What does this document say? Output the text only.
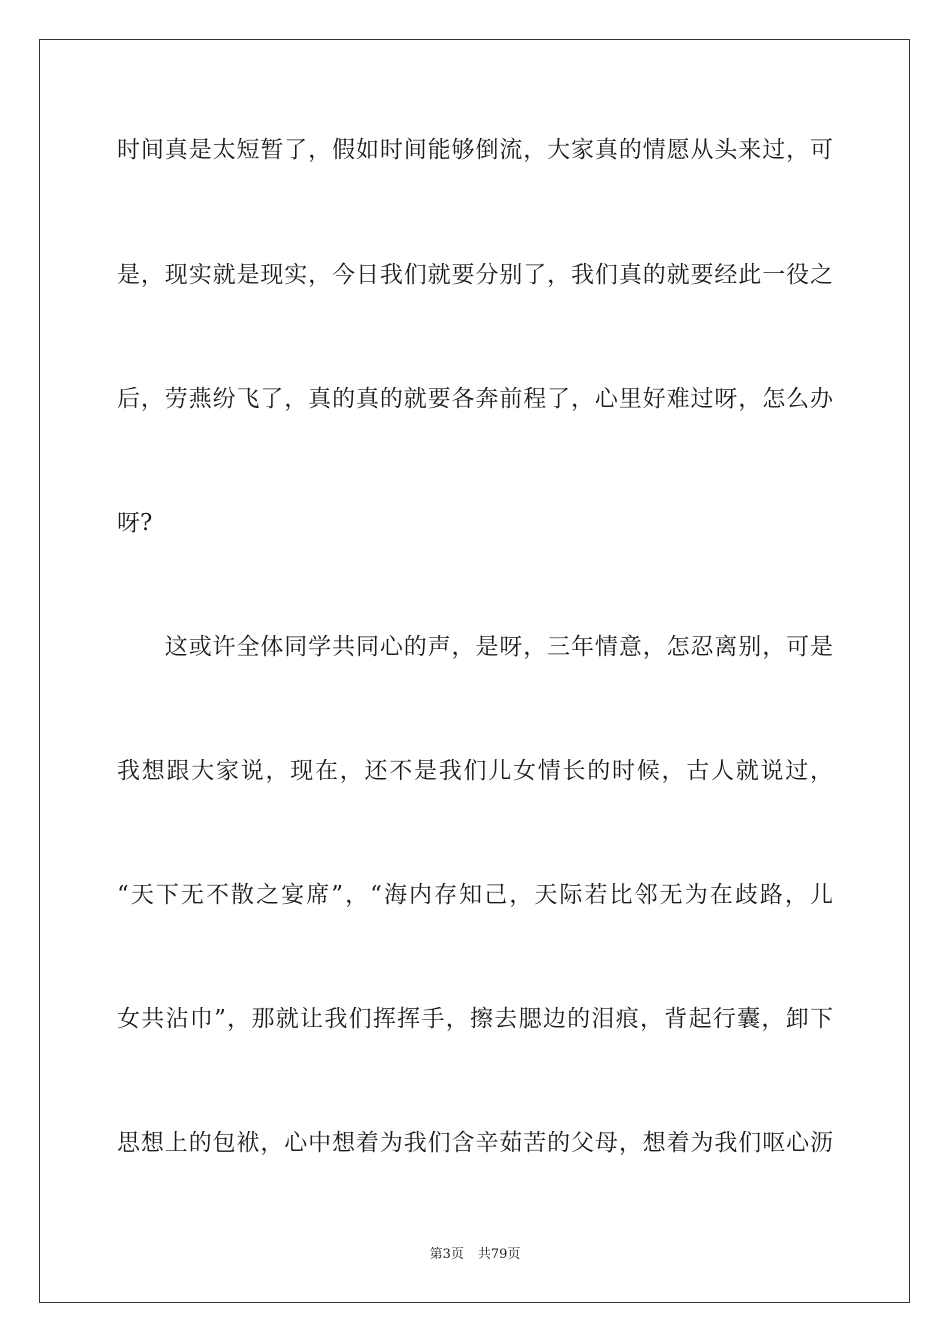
时间真是太短暂了，假如时间能够倒流，大家真的情愿从头来过，可
是，现实就是现实，今日我们就要分别了，我们真的就要经此一役之
后，劳燕纷飞了，真的真的就要各奔前程了，心里好难过呀，怎么办
呀?
　　这或许全体同学共同心的声，是呀，三年情意，怎忍离别，可是
我想跟大家说，现在，还不是我们儿女情长的时候，古人就说过，
“天下无不散之宴席”，“海内存知己，天际若比邻无为在歧路，儿
女共沾巾”，那就让我们挥挥手，擦去腮边的泪痕，背起行囊，卸下
思想上的包袱，心中想着为我们含辛茹苦的父母，想着为我们呕心沥
第3页 共79页
